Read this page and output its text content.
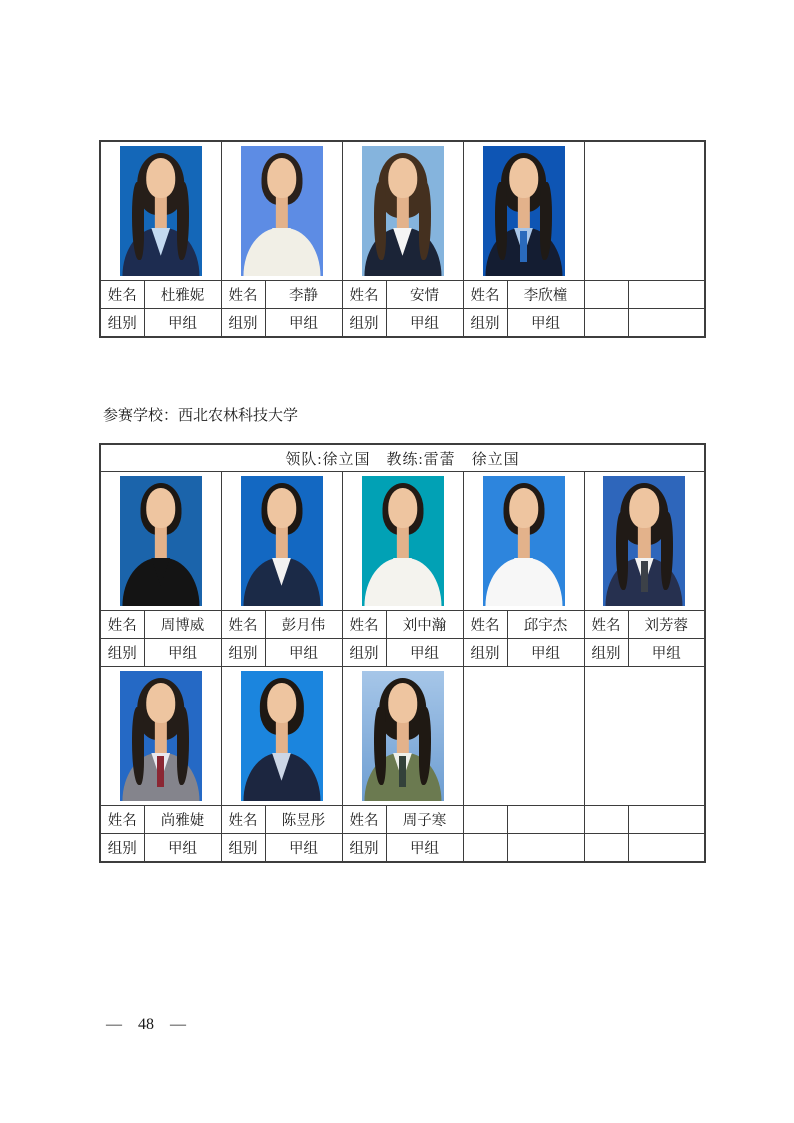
姓名	杜雅妮	姓名	李静	姓名	安情	姓名	李欣橦		
组别	甲组	组别	甲组	组别	甲组	组别	甲组		
参赛学校：西北农林科技大学
领队:徐立国　教练:雷蕾　徐立国									

姓名	周博威	姓名	彭月伟	姓名	刘中瀚	姓名	邱宇杰	姓名	刘芳蓉
组别	甲组	组别	甲组	组别	甲组	组别	甲组	组别	甲组

姓名	尚雅婕	姓名	陈昱彤	姓名	周子寒				
组别	甲组	组别	甲组	组别	甲组				
— 48 —
